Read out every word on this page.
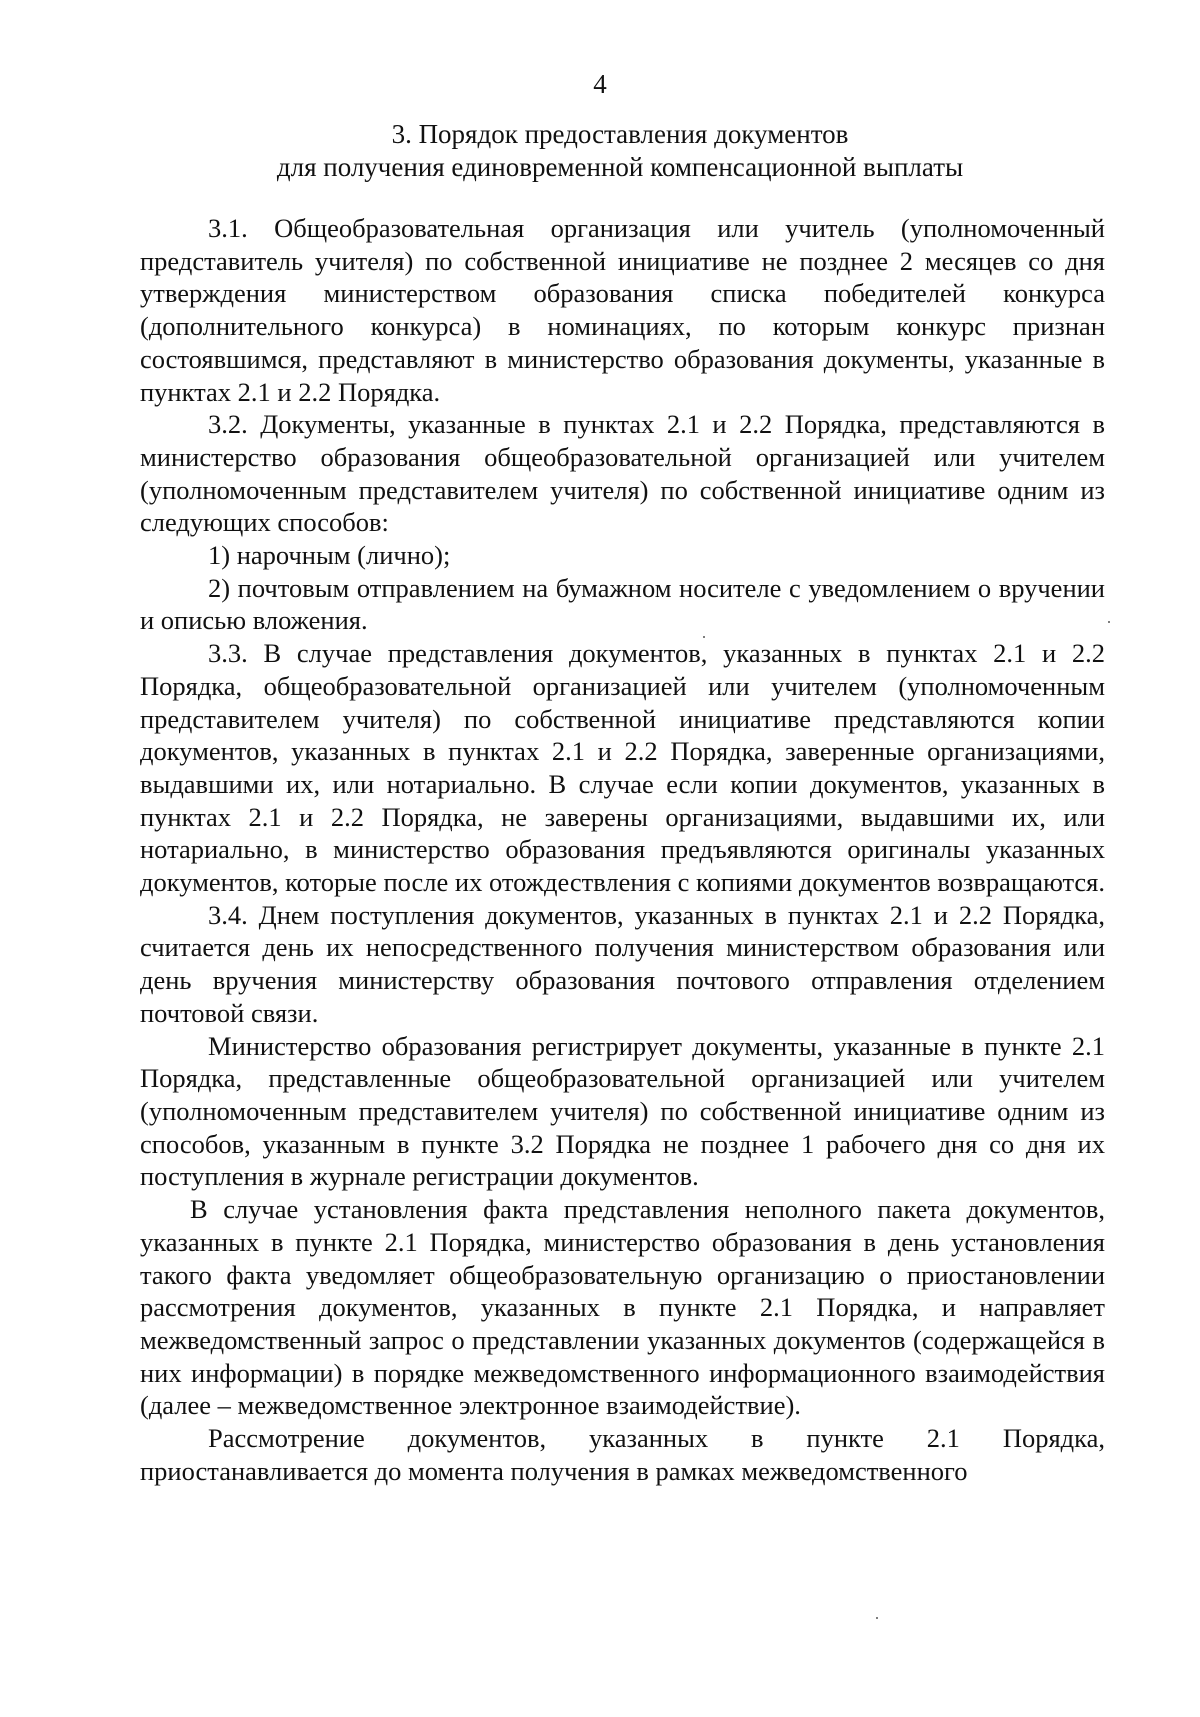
4
3. Порядок предоставления документов
для получения единовременной компенсационной выплаты

3.1. Общеобразовательная организация или учитель (уполномоченный представитель учителя) по собственной инициативе не позднее 2 месяцев со дня утверждения министерством образования списка победителей конкурса (дополнительного конкурса) в номинациях, по которым конкурс признан состоявшимся, представляют в министерство образования документы, указанные в пунктах 2.1 и 2.2 Порядка.

3.2. Документы, указанные в пунктах 2.1 и 2.2 Порядка, представляются в министерство образования общеобразовательной организацией или учителем (уполномоченным представителем учителя) по собственной инициативе одним из следующих способов:

1) нарочным (лично);

2) почтовым отправлением на бумажном носителе с уведомлением о вручении и описью вложения.

3.3. В случае представления документов, указанных в пунктах 2.1 и 2.2 Порядка, общеобразовательной организацией или учителем (уполномоченным представителем учителя) по собственной инициативе представляются копии документов, указанных в пунктах 2.1 и 2.2 Порядка, заверенные организациями, выдавшими их, или нотариально. В случае если копии документов, указанных в пунктах 2.1 и 2.2 Порядка, не заверены организациями, выдавшими их, или нотариально, в министерство образования предъявляются оригиналы указанных документов, которые после их отождествления с копиями документов возвращаются.

3.4. Днем поступления документов, указанных в пунктах 2.1 и 2.2 Порядка, считается день их непосредственного получения министерством образования или день вручения министерству образования почтового отправления отделением почтовой связи.

Министерство образования регистрирует документы, указанные в пункте 2.1 Порядка, представленные общеобразовательной организацией или учителем (уполномоченным представителем учителя) по собственной инициативе одним из способов, указанным в пункте 3.2 Порядка не позднее 1 рабочего дня со дня их поступления в журнале регистрации документов.

В случае установления факта представления неполного пакета документов, указанных в пункте 2.1 Порядка, министерство образования в день установления такого факта уведомляет общеобразовательную организацию о приостановлении рассмотрения документов, указанных в пункте 2.1 Порядка, и направляет межведомственный запрос о представлении указанных документов (содержащейся в них информации) в порядке межведомственного информационного взаимодействия (далее – межведомственное электронное взаимодействие).

Рассмотрение документов, указанных в пункте 2.1 Порядка, приостанавливается до момента получения в рамках межведомственного
